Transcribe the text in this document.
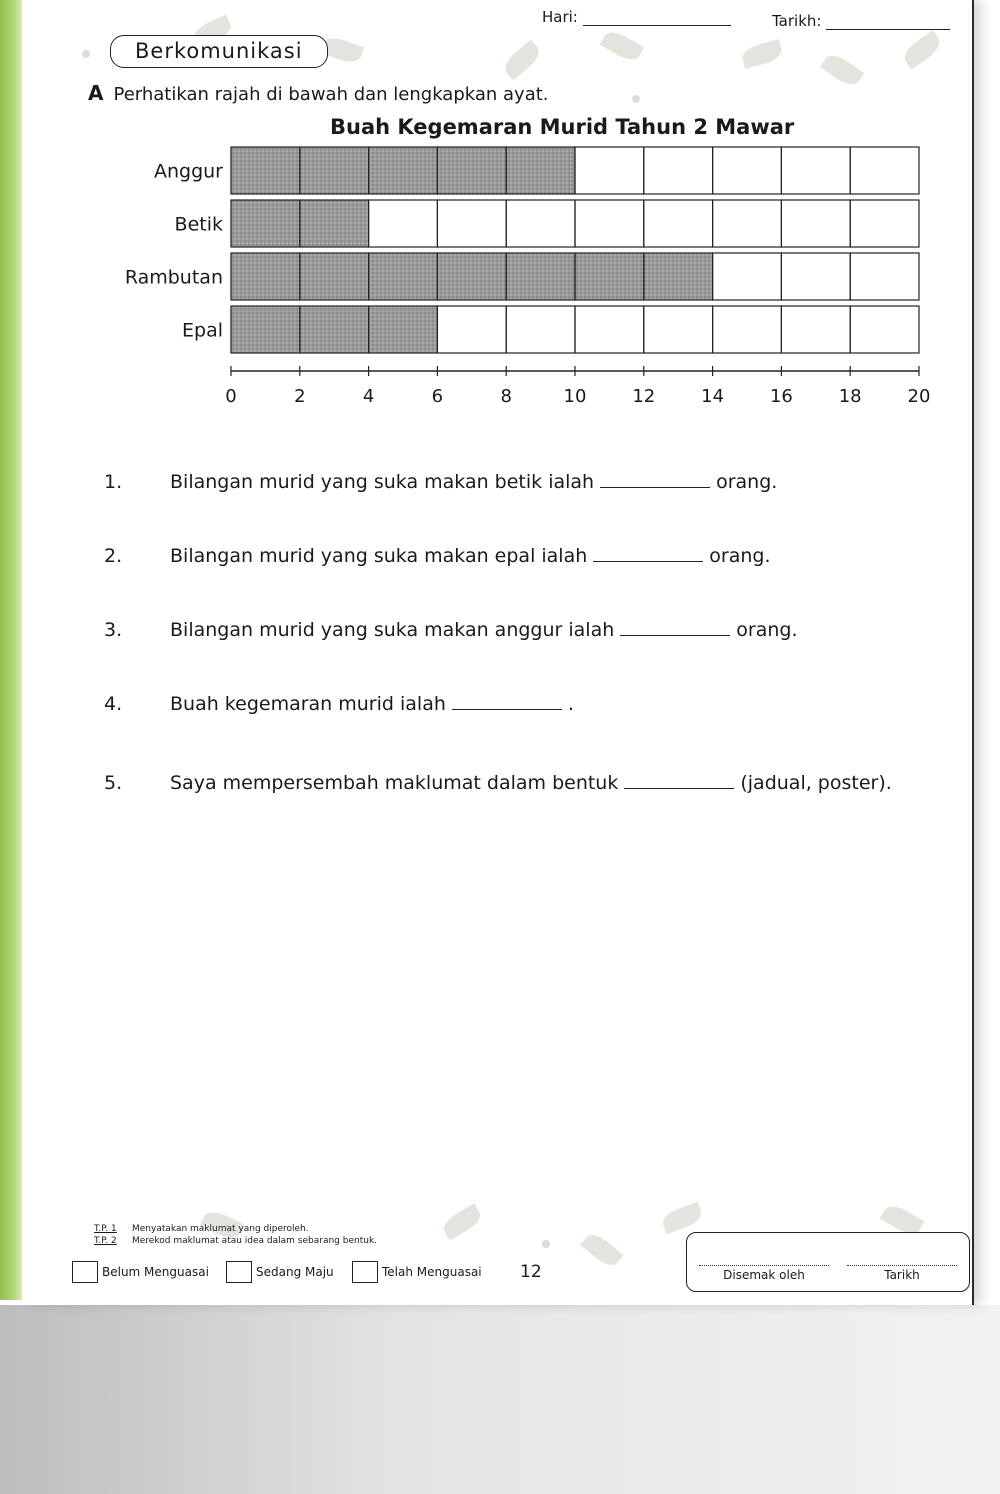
Hari:	Tarikh:
Berkomunikasi
A Perhatikan rajah di bawah dan lengkapkan ayat.
Buah Kegemaran Murid Tahun 2 Mawar
Anggur
Betik
Rambutan
Epal
0	2	4	6	8	10	12	14	16	18	20
1.	Bilangan murid yang suka makan betik ialah	orang.
2.	Bilangan murid yang suka makan epal ialah	orang.
3.	Bilangan murid yang suka makan anggur ialah	orang.
4.	Buah kegemaran murid ialah	.
5.	Saya mempersembah maklumat dalam bentuk	(jadual, poster).
T.P. 1 Menyatakan maklumat yang diperoleh.
T.P. 2 Merekod maklumat atau idea dalam sebarang bentuk.
Belum Menguasai	Sedang Maju	Telah Menguasai 12	Disemak oleh	Tarikh
